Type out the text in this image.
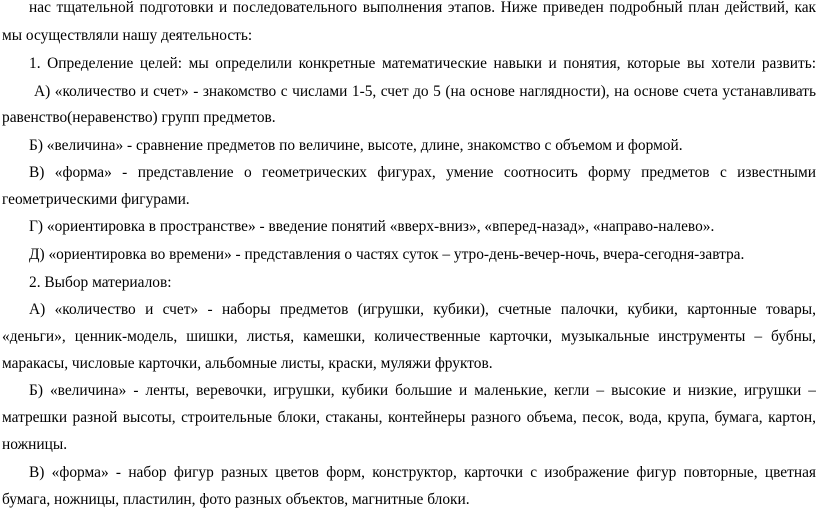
нас тщательной подготовки и последовательного выполнения этапов. Ниже приведен подробный план действий, как

мы осуществляли нашу деятельность:

1. Определение целей: мы определили конкретные математические навыки и понятия, которые вы хотели развить:

А) «количество и счет» - знакомство с числами 1-5, счет до 5 (на основе наглядности), на основе счета устанавливать

равенство(неравенство) групп предметов.

Б) «величина» - сравнение предметов по величине, высоте, длине, знакомство с объемом и формой.

В) «форма» - представление о геометрических фигурах, умение соотносить форму предметов с известными

геометрическими фигурами.

Г) «ориентировка в пространстве» - введение понятий «вверх-вниз», «вперед-назад», «направо-налево».

Д) «ориентировка во времени» - представления о частях суток – утро-день-вечер-ночь, вчера-сегодня-завтра.

2. Выбор материалов:

А) «количество и счет» - наборы предметов (игрушки, кубики), счетные палочки, кубики, картонные товары,

«деньги», ценник-модель, шишки, листья, камешки, количественные карточки, музыкальные инструменты – бубны,

маракасы, числовые карточки, альбомные листы, краски, муляжи фруктов.

Б) «величина» - ленты, веревочки, игрушки, кубики большие и маленькие, кегли – высокие и низкие, игрушки –

матрешки разной высоты, строительные блоки, стаканы, контейнеры разного объема, песок, вода, крупа, бумага, картон,

ножницы.

В) «форма» - набор фигур разных цветов форм, конструктор, карточки с изображение фигур повторные, цветная

бумага, ножницы, пластилин, фото разных объектов, магнитные блоки.
